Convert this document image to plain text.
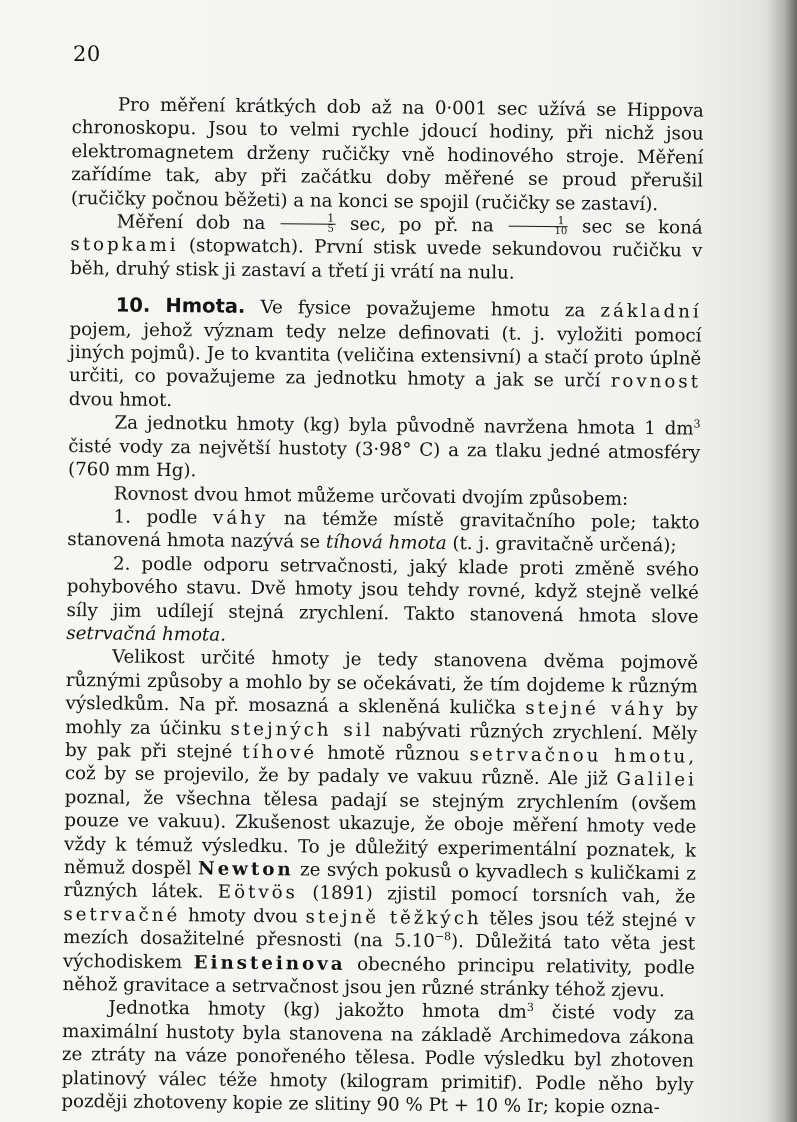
20

Pro měření krátkých dob až na 0·001 sec užívá se Hippova chronoskopu. Jsou to velmi rychle jdoucí hodiny, při nichž jsou elektromagnetem drženy ručičky vně hodinového stroje. Měření zařídíme tak, aby při začátku doby měřené se proud přerušil (ručičky počnou běžeti) a na konci se spojil (ručičky se zastaví).

Měření dob na $\frac{1}{5} \sec$, po př. na $\frac{1}{10}$ sec se koná stopkami (stopwatch). První stisk uvede sekundovou ručičku v běh, druhý stisk ji zastaví a třetí ji vrátí na nulu.

10. Hmota. Ve fysice považujeme hmotu za základní pojem, jehož význam tedy nelze definovati (t. j. vyložiti pomocí jiných pojmů). Je to kvantita (veličina extensivní) a stačí proto úplně určiti, co považujeme za jednotku hmoty a jak se určí rovnost dvou hmot.

Za jednotku hmoty (kg) byla původně navržena hmota 1 $dm^3$ čisté vody za největší hustoty (3·98° C) a za tlaku jedné atmosféry (760 mm Hg).

Rovnost dvou hmot můžeme určovati dvojím způsobem:

1. podle váhy na témže místě gravitačního pole; takto stanovená hmota nazývá se tíhová hmota (t. j. gravitačně určená);

2. podle odporu setrvačnosti, jaký klade proti změně svého pohybového stavu. Dvě hmoty jsou tehdy rovné, když stejně velké síly jim udílejí stejná zrychlení. Takto stanovená hmota slove setrvačná hmota.

Velikost určité hmoty je tedy stanovena dvěma pojmově různými způsoby a mohlo by se očekávati, že tím dojdeme k různým výsledkům. Na př. mosazná a skleněná kulička stejné váhy by mohly za účinku stejných sil nabývati různých zrychlení. Měly by pak při stejné tíhové hmotě různou setrvačnou hmotu, což by se projevilo, že by padaly ve vakuu různě. Ale již Galilei poznal, že všechna tělesa padají se stejným zrychlením (ovšem pouze ve vakuu). Zkušenost ukazuje, že oboje měření hmoty vede vždy k témuž výsledku. To je důležitý experimentální poznatek, k němuž dospěl Newton ze svých pokusů o kyvadlech s kuličkami z různých látek. Eötvös (1891) zjistil pomocí torsních vah, že setrvačné hmoty dvou stejně těžkých těles jsou též stejné v mezích dosažitelné přesnosti (na $5.10^{-8}$). Důležitá tato věta jest východiskem Einsteinova obecného principu relativity, podle něhož gravitace a setrvačnost jsou jen různé stránky téhož zjevu.

Jednotka hmoty (kg) jakožto hmota $dm^3$ čisté vody za maximální hustoty byla stanovena na základě Archimedova zákona ze ztráty na váze ponořeného tělesa. Podle výsledku byl zhotoven platinový válec téže hmoty (kilogram primitif). Podle něho byly později zhotoveny kopie ze slitiny 90 % Pt + 10 % Ir; kopie ozna-
